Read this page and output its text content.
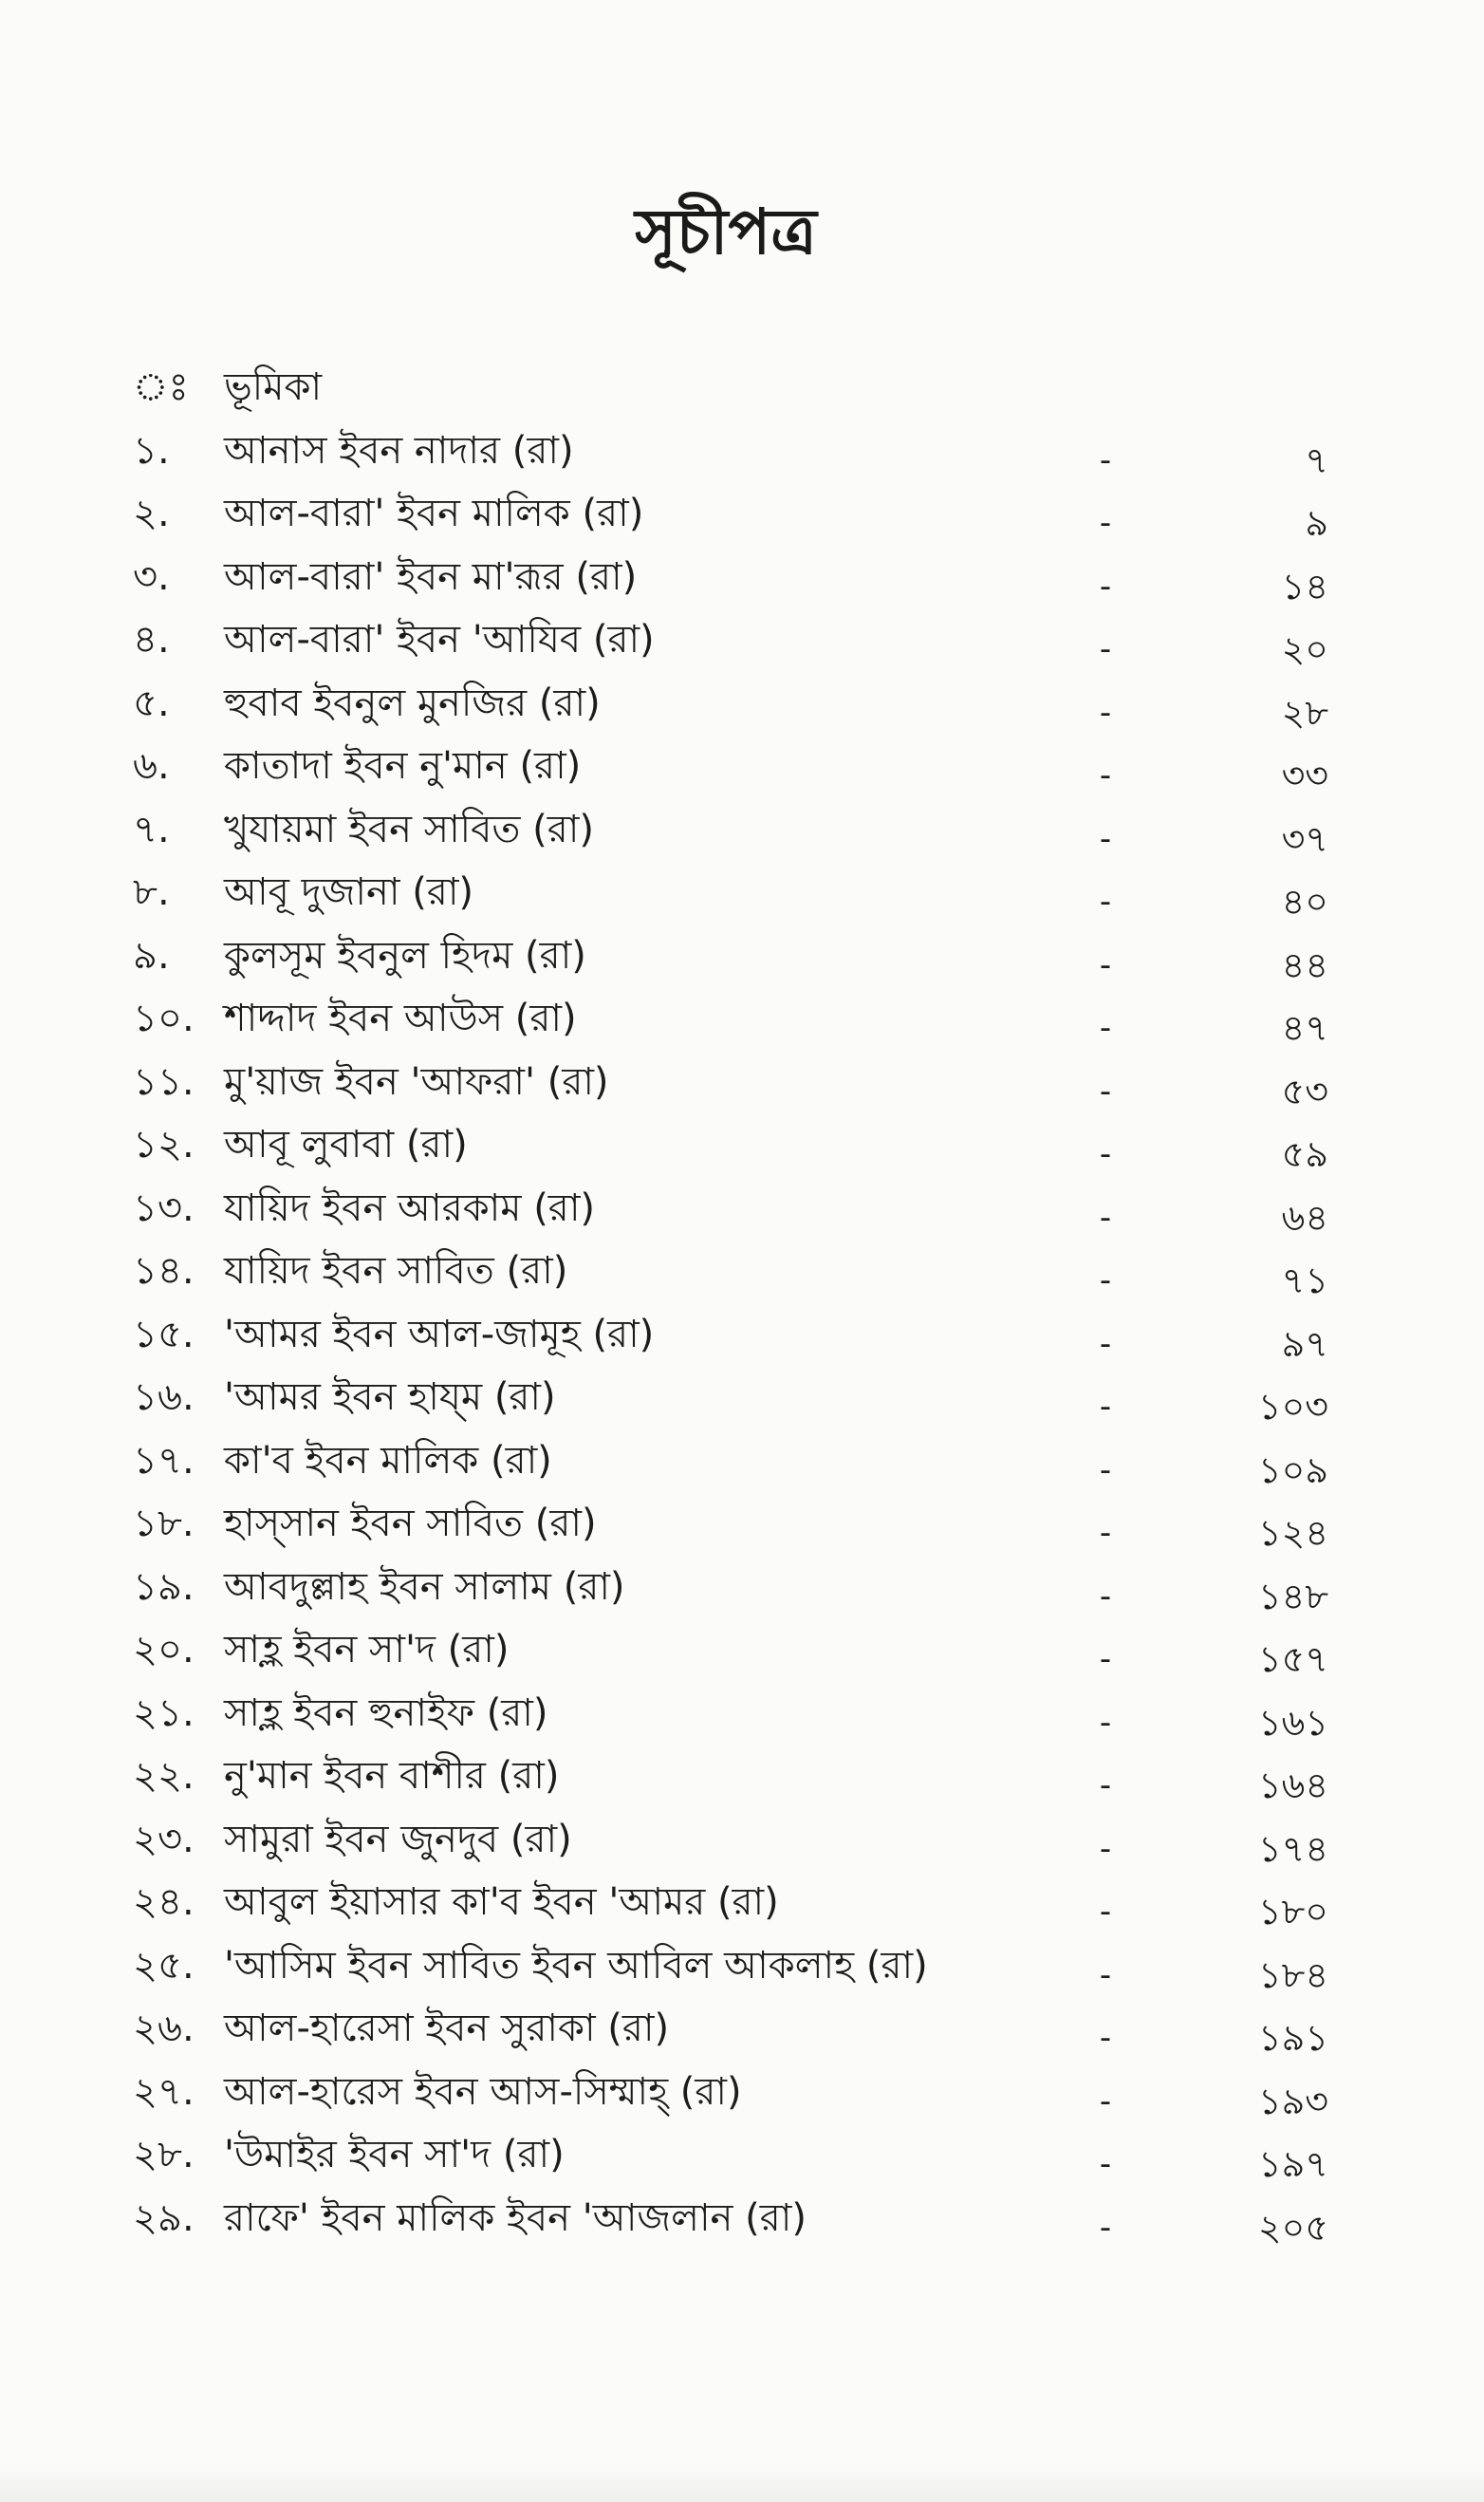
সূচীপত্র
ঃ ভূমিকা
১.	আনাস ইবন নাদার (রা)	-	৭
২.	আল-বারা' ইবন মালিক (রা)	-	৯
৩.	আল-বারা' ইবন মা'রূর (রা)	-	১৪
৪.	আল-বারা' ইবন 'আযিব (রা)	-	২০
৫.	হুবাব ইবনুল মুনজির (রা)	-	২৮
৬.	কাতাদা ইবন নু'মান (রা)	-	৩৩
৭.	খুযায়মা ইবন সাবিত (রা)	-	৩৭
৮.	আবূ দুজানা (রা)	-	৪০
৯.	কুলসূম ইবনুল হিদম (রা)	-	৪৪
১০. শাদ্দাদ ইবন আউস (রা)	-	৪৭
১১. মু'য়াজ ইবন 'আফরা' (রা)	-	৫৩
১২. আবূ লুবাবা (রা)	-	৫৯
১৩. যায়িদ ইবন আরকাম (রা)	-	৬৪
১৪. যায়িদ ইবন সাবিত (রা)	-	৭১
১৫. 'আমর ইবন আল-জামূহ (রা)	-	৯৭
১৬. 'আমর ইবন হায্ম (রা)	-	১০৩
১৭. কা'ব ইবন মালিক (রা)	-	১০৯
১৮. হাস্সান ইবন সাবিত (রা)	-	১২৪
১৯. আবদুল্লাহ ইবন সালাম (রা)	-	১৪৮
২০. সাহ্ল ইবন সা'দ (রা)	-	১৫৭
২১. সাহ্ল ইবন হুনাইফ (রা)	-	১৬১
২২. নু'মান ইবন বাশীর (রা)	-	১৬৪
২৩. সামুরা ইবন জুনদুব (রা)	-	১৭৪
২৪. আবুল ইয়াসার কা'ব ইবন 'আমর (রা)	-	১৮০
২৫. 'আসিম ইবন সাবিত ইবন আবিল আকলাহ (রা)	-	১৮৪
২৬. আল-হারেসা ইবন সুরাকা (রা)	-	১৯১
২৭. আল-হারেস ইবন আস-সিম্মাহ্ (রা)	-	১৯৩
২৮. 'উমাইর ইবন সা'দ (রা)	-	১৯৭
২৯. রাফে' ইবন মালিক ইবন 'আজলান (রা)	-	২০৫
